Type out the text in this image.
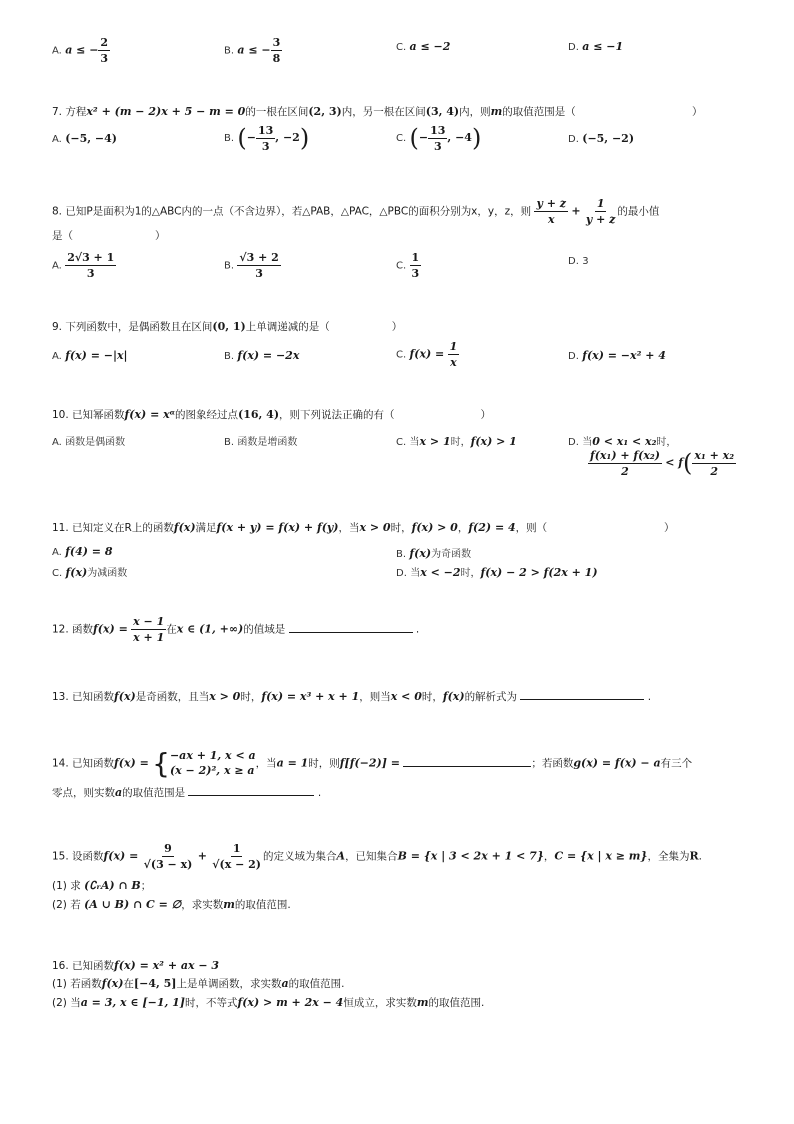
A. a ≤ − $\frac{2}{3}$	B. a ≤ − $\frac{3}{8}$	C. a ≤ −2	D. a ≤ −1
7. 方程x² + (m − 2)x + 5 − m = 0的一根在区间(2, 3)内，另一根在区间(3, 4)内，则m的取值范围是（	）
A. (−5, −4)	B. (− $\frac{13}{3}$ , −2)	C. (− $\frac{13}{3}$ , −4)	D. (−5, −2)
8. 已知P是面积为1的△ABC内的一点（不含边界），若△PAB，△PAC，△PBC的面积分别为x，y，z，则 $\frac{y + z}{x} + \frac{1}{y + z}$ 的最小值
是（	）
A. $\frac{2√3 + 1}{3}$	B. $\frac{√3 + 2}{3}$	C. $\frac{1}{3}$	D. 3
9. 下列函数中，是偶函数且在区间(0, 1)上单调递减的是（	）
A. f(x) = −|x|	B. f(x) = −2x	C. $f(x) = \frac{1}{x}$	D. f(x) = −x² + 4
10. 已知幂函数f(x) = xᵅ的图象经过点(16, 4)，则下列说法正确的有（	）
A. 函数是偶函数	B. 函数是增函数	C. 当x > 1时，f(x) > 1	D. 当0 < x₁ < x₂时，
$\frac{\text{f(x₁) + f(x₂)}}{2} < f( \frac{\text{x₁ + x₂}}{2}$
11. 已知定义在R上的函数f(x)满足f(x + y) = f(x) + f(y)，当x > 0时，f(x) > 0，f(2) = 4，则（	）
A. f(4) = 8	B. f(x)为奇函数
C. f(x)为减函数	D. 当x < −2时，f(x) − 2 > f(2x + 1)
12. 函数$f(x) = \frac{x - 1}{x + 1}$ 在x ∈ (1, +∞)的值域是	.
13. 已知函数f(x)是奇函数，且当x > 0时，f(x) = x³ + x + 1，则当x < 0时，f(x)的解析式为	.
14. 已知函数f(x) = { −ax + 1, x < a
(x − 2)², x ≥ a ，当a = 1时，则f[f(−2)] =	；若函数g(x) = f(x) − a有三个
零点，则实数a的取值范围是	.
15. 设函数$f(x) = \frac{9}{√(3 - x)} + \frac{1}{√(x - 2)}$ 的定义域为集合A，已知集合B = {x | 3 < 2x + 1 < 7}，C = {x | x ≥ m}，全集为R.
(1) 求 (∁ᵣA) ∩ B；
(2) 若 (A ∪ B) ∩ C = ∅，求实数m的取值范围.
16. 已知函数f(x) = x² + ax − 3
(1) 若函数f(x)在[−4, 5]上是单调函数，求实数a的取值范围.
(2) 当a = 3, x ∈ [−1, 1]时，不等式f(x) > m + 2x − 4恒成立，求实数m的取值范围.
